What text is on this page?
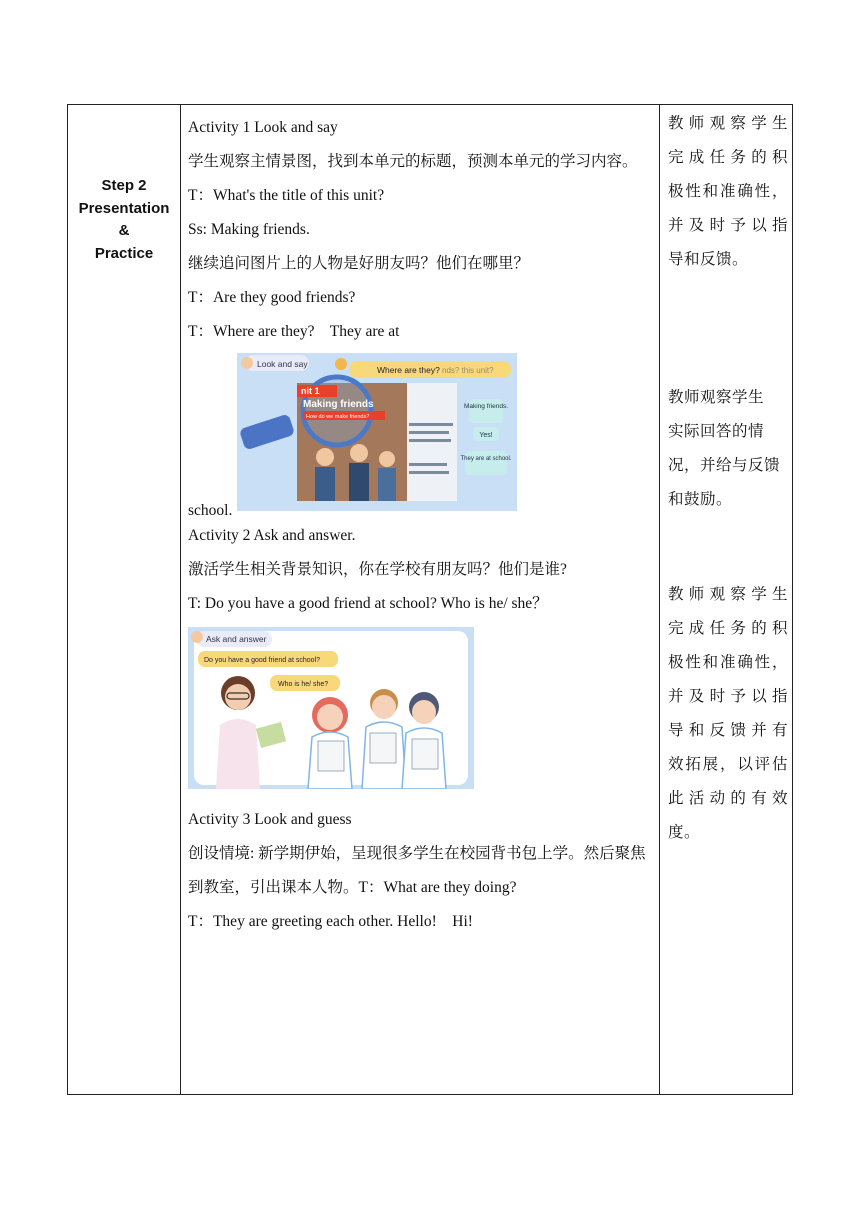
Step 2
Presentation
&
Practice

Activity 1 Look and say

学生观察主情景图，找到本单元的标题，预测本单元的学习内容。

T：What's the title of this unit?

Ss: Making friends.

继续追问图片上的人物是好朋友吗？他们在哪里？

T：Are they good friends?

T：Where are they?    They are at

school.
Look and say
Where are they? nds? this unit?
nit 1
Making friends
How do we make friends?
Making friends.
Yes!
They are at school.

Activity 2 Ask and answer.

激活学生相关背景知识，你在学校有朋友吗？他们是谁?

T: Do you have a good friend at school? Who is he/ she？

Ask and answer
Do you have a good friend at school?
Who is he/ she?

Activity 3 Look and guess

创设情境: 新学期伊始，呈现很多学生在校园背书包上学。然后聚焦到教室，引出课本人物。T：What are they doing?

T：They are greeting each other. Hello!    Hi!

教师观察学生
完成任务的积
极性和准确性，
并及时予以指
导和反馈。
教师观察学生
实际回答的情
况，并给与反馈
和鼓励。
教师观察学生
完成任务的积
极性和准确性，
并及时予以指
导和反馈并有
效拓展，以评估
此活动的有效
度。
